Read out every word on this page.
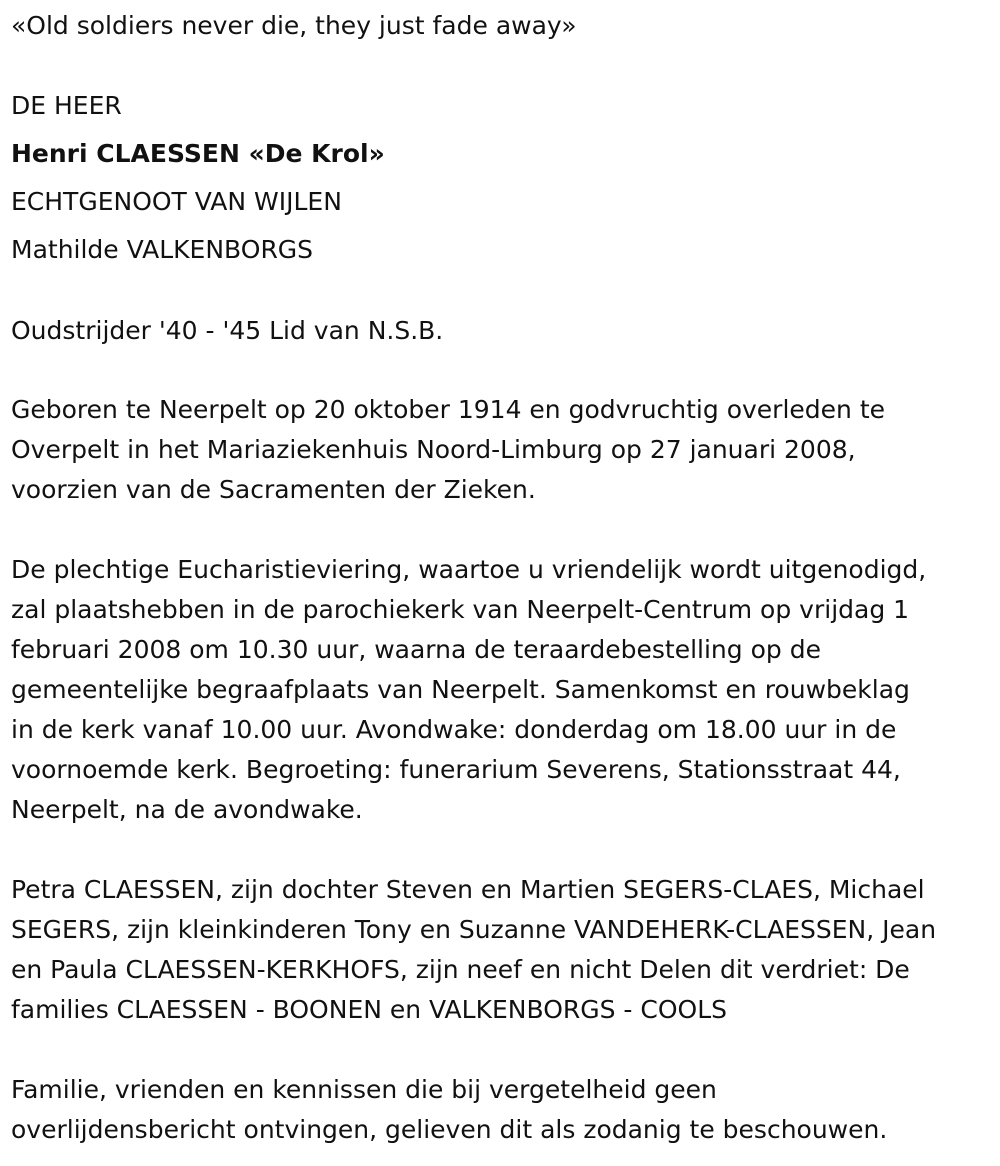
«Old soldiers never die, they just fade away»
DE HEER
Henri CLAESSEN «De Krol»
ECHTGENOOT VAN WIJLEN
Mathilde VALKENBORGS
Oudstrijder '40 - '45 Lid van N.S.B.
Geboren te Neerpelt op 20 oktober 1914 en godvruchtig overleden te
Overpelt in het Mariaziekenhuis Noord-Limburg op 27 januari 2008,
voorzien van de Sacramenten der Zieken.
De plechtige Eucharistieviering, waartoe u vriendelijk wordt uitgenodigd,
zal plaatshebben in de parochiekerk van Neerpelt-Centrum op vrijdag 1
februari 2008 om 10.30 uur, waarna de teraardebestelling op de
gemeentelijke begraafplaats van Neerpelt. Samenkomst en rouwbeklag
in de kerk vanaf 10.00 uur. Avondwake: donderdag om 18.00 uur in de
voornoemde kerk. Begroeting: funerarium Severens, Stationsstraat 44,
Neerpelt, na de avondwake.
Petra CLAESSEN, zijn dochter Steven en Martien SEGERS-CLAES, Michael
SEGERS, zijn kleinkinderen Tony en Suzanne VANDEHERK-CLAESSEN, Jean
en Paula CLAESSEN-KERKHOFS, zijn neef en nicht Delen dit verdriet: De
families CLAESSEN - BOONEN en VALKENBORGS - COOLS
Familie, vrienden en kennissen die bij vergetelheid geen
overlijdensbericht ontvingen, gelieven dit als zodanig te beschouwen.
